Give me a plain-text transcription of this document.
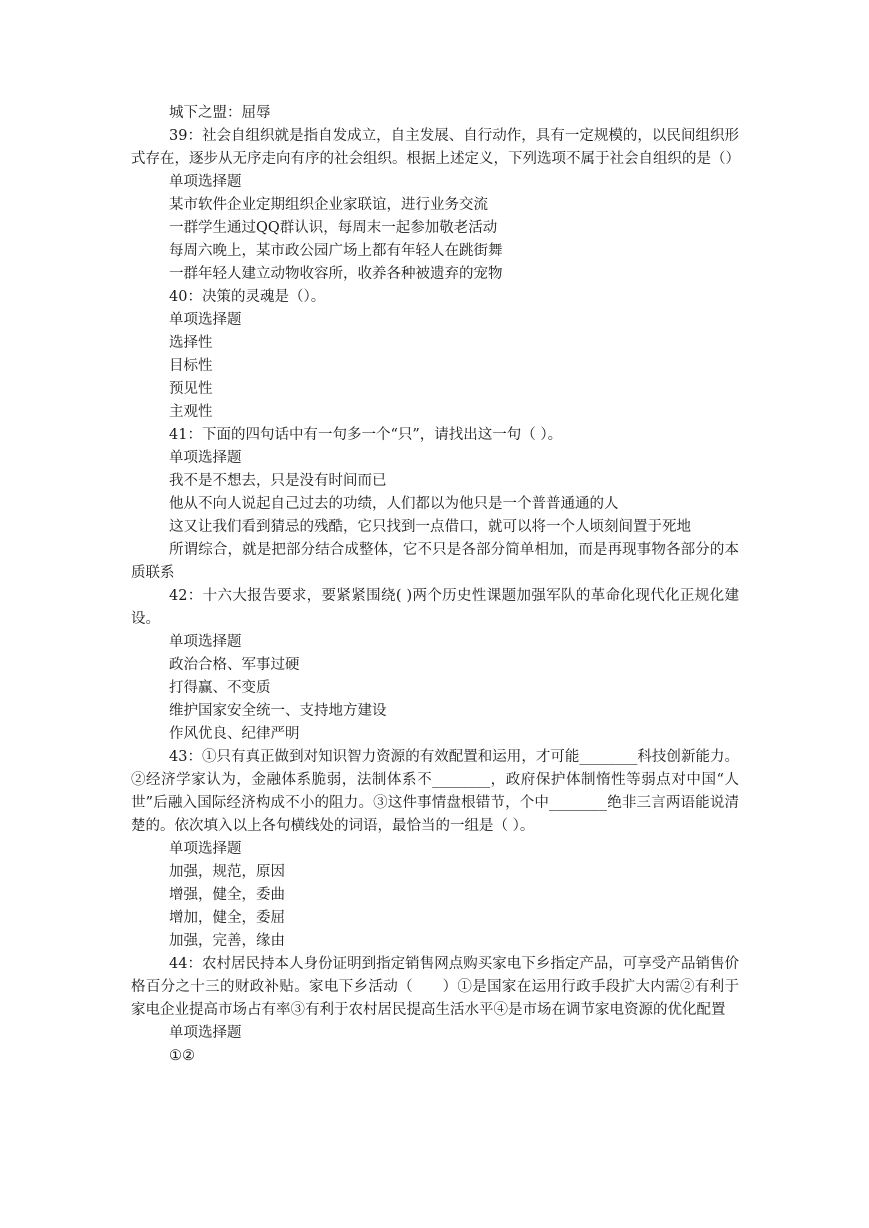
城下之盟：屈辱

39：社会自组织就是指自发成立，自主发展、自行动作，具有一定规模的，以民间组织形式存在，逐步从无序走向有序的社会组织。根据上述定义，下列选项不属于社会自组织的是（）

单项选择题

某市软件企业定期组织企业家联谊，进行业务交流

一群学生通过QQ群认识，每周末一起参加敬老活动

每周六晚上，某市政公园广场上都有年轻人在跳街舞

一群年轻人建立动物收容所，收养各种被遗弃的宠物

40：决策的灵魂是（）。

单项选择题

选择性

目标性

预见性

主观性

41：下面的四句话中有一句多一个“只”，请找出这一句（ ）。

单项选择题

我不是不想去，只是没有时间而已

他从不向人说起自己过去的功绩，人们都以为他只是一个普普通通的人

这又让我们看到猜忌的残酷，它只找到一点借口，就可以将一个人顷刻间置于死地

所谓综合，就是把部分结合成整体，它不只是各部分简单相加，而是再现事物各部分的本质联系

42：十六大报告要求，要紧紧围绕( )两个历史性课题加强军队的革命化现代化正规化建设。

单项选择题

政治合格、军事过硬

打得赢、不变质

维护国家安全统一、支持地方建设

作风优良、纪律严明

43：①只有真正做到对知识智力资源的有效配置和运用，才可能________科技创新能力。②经济学家认为，金融体系脆弱，法制体系不________，政府保护体制惰性等弱点对中国“人世”后融入国际经济构成不小的阻力。③这件事情盘根错节，个中________绝非三言两语能说清楚的。依次填入以上各句横线处的词语，最恰当的一组是（ ）。

单项选择题

加强，规范，原因

增强，健全，委曲

增加，健全，委屈

加强，完善，缘由

44：农村居民持本人身份证明到指定销售网点购买家电下乡指定产品，可享受产品销售价格百分之十三的财政补贴。家电下乡活动（　　）①是国家在运用行政手段扩大内需②有利于家电企业提高市场占有率③有利于农村居民提高生活水平④是市场在调节家电资源的优化配置

单项选择题

①②
